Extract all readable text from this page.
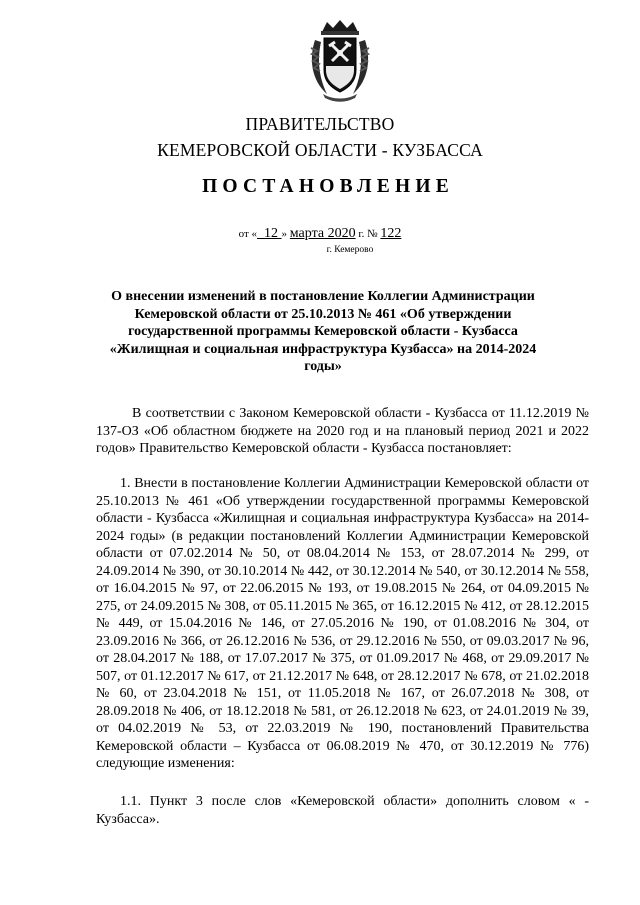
ПРАВИТЕЛЬСТВО
КЕМЕРОВСКОЙ ОБЛАСТИ - КУЗБАССА
ПОСТАНОВЛЕНИЕ
от « 12 » марта 2020 г. № 122
г. Кемерово
О внесении изменений в постановление Коллегии Администрации Кемеровской области от 25.10.2013 № 461 «Об утверждении государственной программы Кемеровской области - Кузбасса «Жилищная и социальная инфраструктура Кузбасса» на 2014-2024 годы»
В соответствии с Законом Кемеровской области - Кузбасса от 11.12.2019 № 137-ОЗ «Об областном бюджете на 2020 год и на плановый период 2021 и 2022 годов» Правительство Кемеровской области - Кузбасса постановляет:
1. Внести в постановление Коллегии Администрации Кемеровской области от 25.10.2013 № 461 «Об утверждении государственной программы Кемеровской области - Кузбасса «Жилищная и социальная инфраструктура Кузбасса» на 2014-2024 годы» (в редакции постановлений Коллегии Администрации Кемеровской области от 07.02.2014 № 50, от 08.04.2014 № 153, от 28.07.2014 № 299, от 24.09.2014 № 390, от 30.10.2014 № 442, от 30.12.2014 № 540, от 30.12.2014 № 558, от 16.04.2015 № 97, от 22.06.2015 № 193, от 19.08.2015 № 264, от 04.09.2015 № 275, от 24.09.2015 № 308, от 05.11.2015 № 365, от 16.12.2015 № 412, от 28.12.2015 № 449, от 15.04.2016 № 146, от 27.05.2016 № 190, от 01.08.2016 № 304, от 23.09.2016 № 366, от 26.12.2016 № 536, от 29.12.2016 № 550, от 09.03.2017 № 96, от 28.04.2017 № 188, от 17.07.2017 № 375, от 01.09.2017 № 468, от 29.09.2017 № 507, от 01.12.2017 № 617, от 21.12.2017 № 648, от 28.12.2017 № 678, от 21.02.2018 № 60, от 23.04.2018 № 151, от 11.05.2018 № 167, от 26.07.2018 № 308, от 28.09.2018 № 406, от 18.12.2018 № 581, от 26.12.2018 № 623, от 24.01.2019 № 39, от 04.02.2019 № 53, от 22.03.2019 № 190, постановлений Правительства Кемеровской области – Кузбасса от 06.08.2019 № 470, от 30.12.2019 № 776) следующие изменения:
1.1. Пункт 3 после слов «Кемеровской области» дополнить словом « - Кузбасса».
